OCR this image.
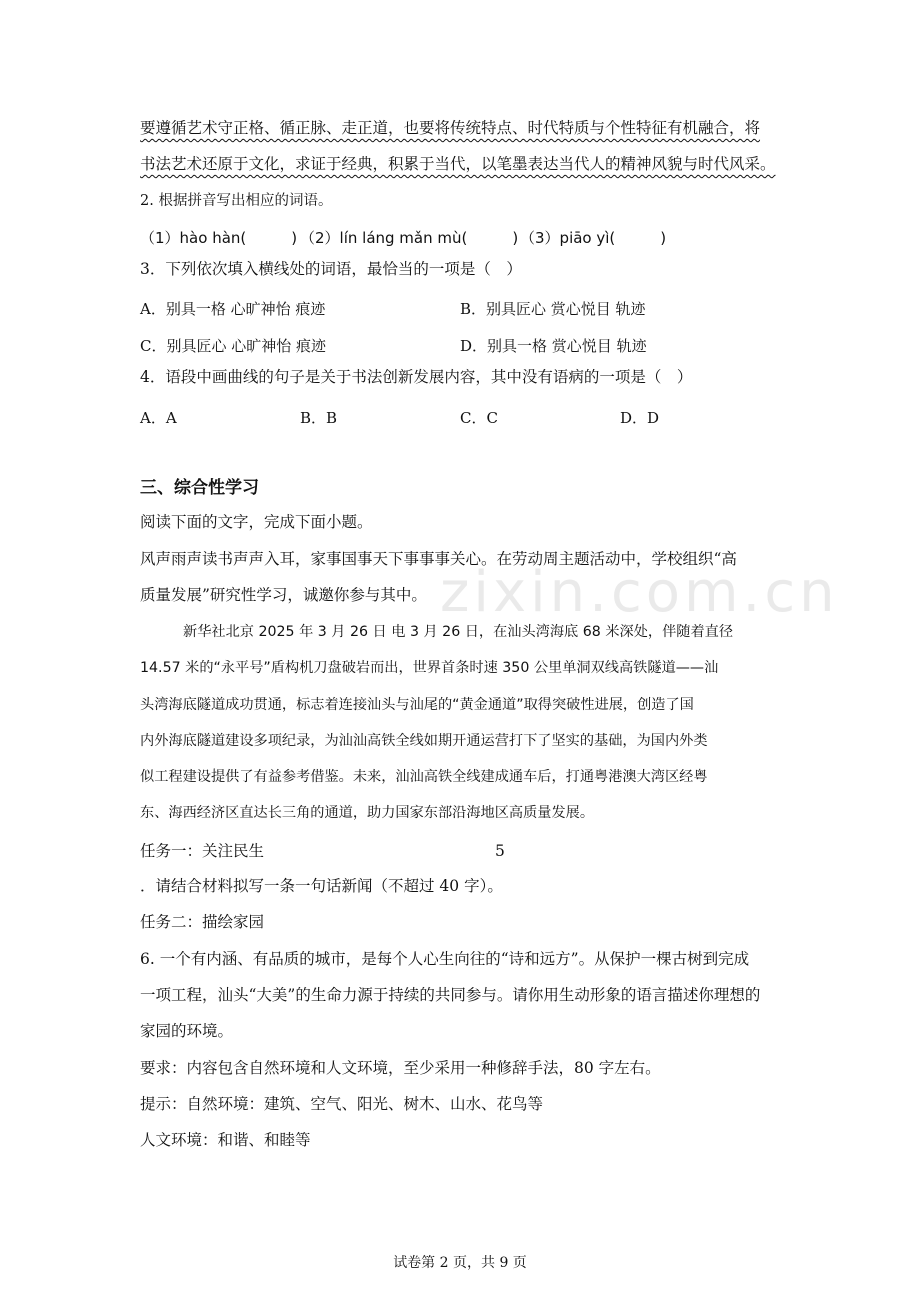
zixin.com.cn
要遵循艺术守正格、循正脉、走正道，也要将传统特点、时代特质与个性特征有机融合，将
书法艺术还原于文化，求证于经典，积累于当代，以笔墨表达当代人的精神风貌与时代风采。
2. 根据拼音写出相应的词语。
（1）hào hàn(　　　) （2）lín láng mǎn mù(　　　) （3）piāo yì(　　　)
3．下列依次填入横线处的词语，最恰当的一项是（　）
A．别具一格 心旷神怡 痕迹	B．别具匠心 赏心悦目 轨迹
C．别具匠心 心旷神怡 痕迹	D．别具一格 赏心悦目 轨迹
4．语段中画曲线的句子是关于书法创新发展内容，其中没有语病的一项是（　）
A．A	B．B	C．C	D．D
三、综合性学习
阅读下面的文字，完成下面小题。
风声雨声读书声声入耳，家事国事天下事事事关心。在劳动周主题活动中，学校组织“高
质量发展”研究性学习，诚邀你参与其中。
新华社北京 2025 年 3 月 26 日 电 3 月 26 日，在汕头湾海底 68 米深处，伴随着直径
14.57 米的“永平号”盾构机刀盘破岩而出，世界首条时速 350 公里单洞双线高铁隧道——汕
头湾海底隧道成功贯通，标志着连接汕头与汕尾的“黄金通道”取得突破性进展，创造了国
内外海底隧道建设多项纪录，为汕汕高铁全线如期开通运营打下了坚实的基础，为国内外类
似工程建设提供了有益参考借鉴。未来，汕汕高铁全线建成通车后，打通粤港澳大湾区经粤
东、海西经济区直达长三角的通道，助力国家东部沿海地区高质量发展。
任务一：关注民生	5
．请结合材料拟写一条一句话新闻（不超过 40 字）。
任务二：描绘家园
6. 一个有内涵、有品质的城市，是每个人心生向往的“诗和远方”。从保护一棵古树到完成
一项工程，汕头“大美”的生命力源于持续的共同参与。请你用生动形象的语言描述你理想的
家园的环境。
要求：内容包含自然环境和人文环境，至少采用一种修辞手法，80 字左右。
提示：自然环境：建筑、空气、阳光、树木、山水、花鸟等
人文环境：和谐、和睦等
试卷第 2 页，共 9 页
